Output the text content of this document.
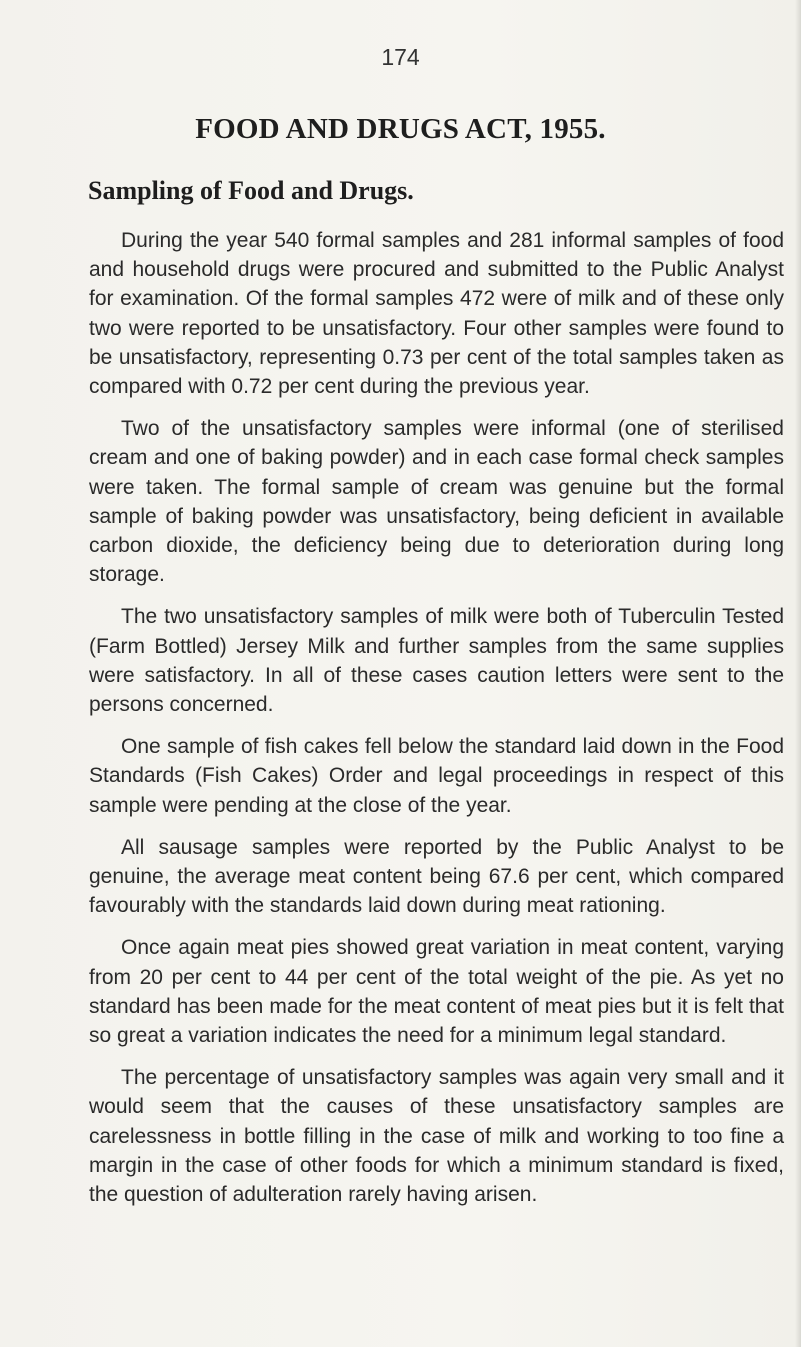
174
FOOD AND DRUGS ACT, 1955.
Sampling of Food and Drugs.

During the year 540 formal samples and 281 informal samples of food and household drugs were procured and submitted to the Public Analyst for examination. Of the formal samples 472 were of milk and of these only two were reported to be unsatisfactory. Four other samples were found to be unsatisfactory, representing 0.73 per cent of the total samples taken as compared with 0.72 per cent during the previous year.

Two of the unsatisfactory samples were informal (one of sterilised cream and one of baking powder) and in each case formal check samples were taken. The formal sample of cream was genuine but the formal sample of baking powder was unsatisfactory, being deficient in available carbon dioxide, the deficiency being due to deterioration during long storage.

The two unsatisfactory samples of milk were both of Tuberculin Tested (Farm Bottled) Jersey Milk and further samples from the same supplies were satisfactory. In all of these cases caution letters were sent to the persons concerned.

One sample of fish cakes fell below the standard laid down in the Food Standards (Fish Cakes) Order and legal proceedings in respect of this sample were pending at the close of the year.

All sausage samples were reported by the Public Analyst to be genuine, the average meat content being 67.6 per cent, which compared favourably with the standards laid down during meat rationing.

Once again meat pies showed great variation in meat content, varying from 20 per cent to 44 per cent of the total weight of the pie. As yet no standard has been made for the meat content of meat pies but it is felt that so great a variation indicates the need for a minimum legal standard.

The percentage of unsatisfactory samples was again very small and it would seem that the causes of these unsatisfactory samples are carelessness in bottle filling in the case of milk and working to too fine a margin in the case of other foods for which a minimum standard is fixed, the question of adulteration rarely having arisen.
